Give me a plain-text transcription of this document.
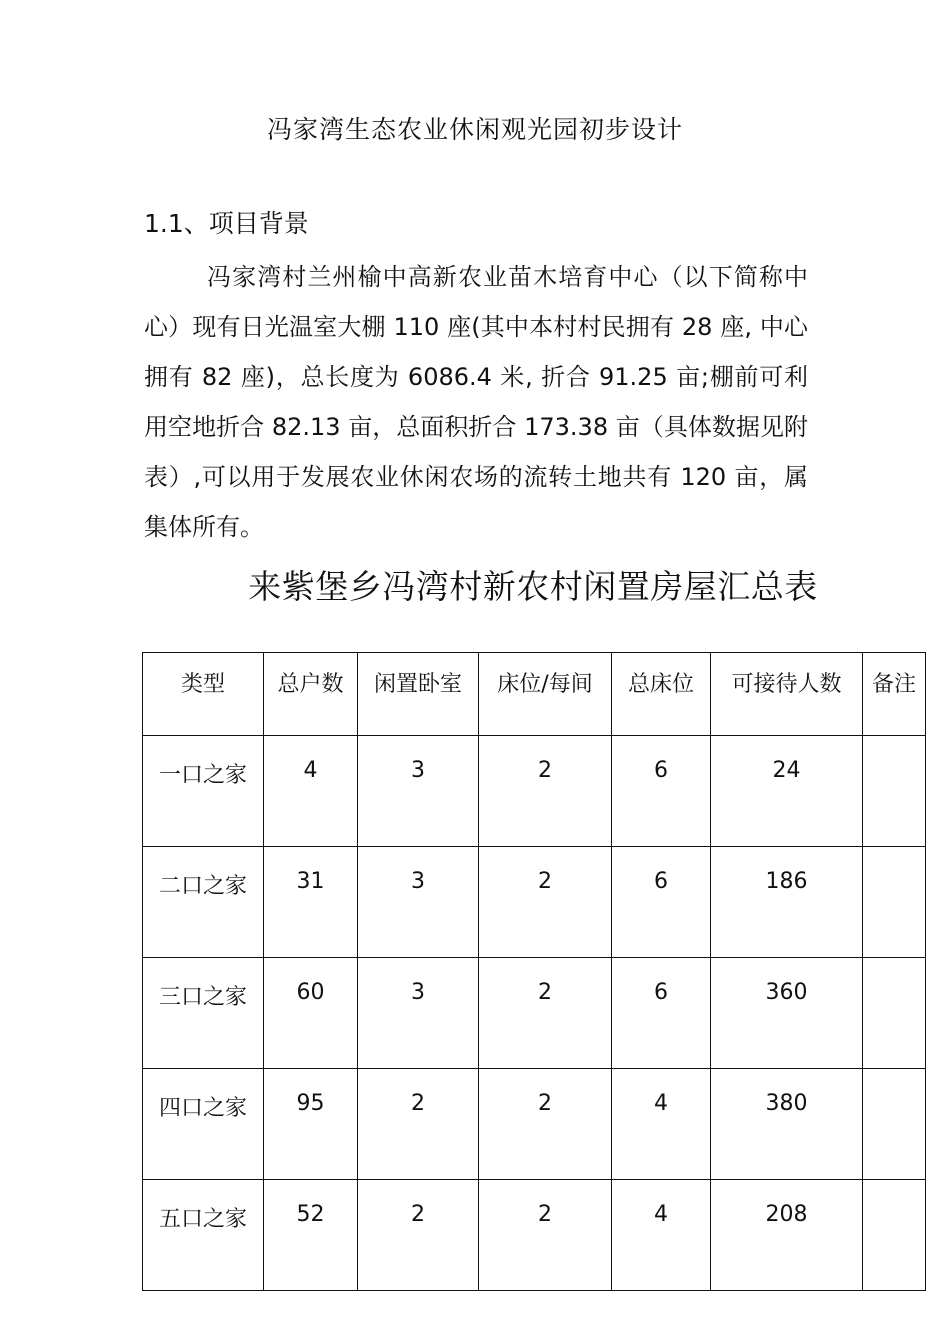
冯家湾生态农业休闲观光园初步设计
1.1、项目背景
冯家湾村兰州榆中高新农业苗木培育中心（以下简称中心）现有日光温室大棚 110 座(其中本村村民拥有 28 座, 中心拥有 82 座)，总长度为 6086.4 米, 折合 91.25 亩;棚前可利用空地折合 82.13 亩，总面积折合 173.38 亩（具体数据见附表）,可以用于发展农业休闲农场的流转土地共有 120 亩，属集体所有。
来紫堡乡冯湾村新农村闲置房屋汇总表
类型	总户数	闲置卧室	床位/每间	总床位	可接待人数	备注
一口之家	4	3	2	6	24	
二口之家	31	3	2	6	186	
三口之家	60	3	2	6	360	
四口之家	95	2	2	4	380	
五口之家	52	2	2	4	208	
